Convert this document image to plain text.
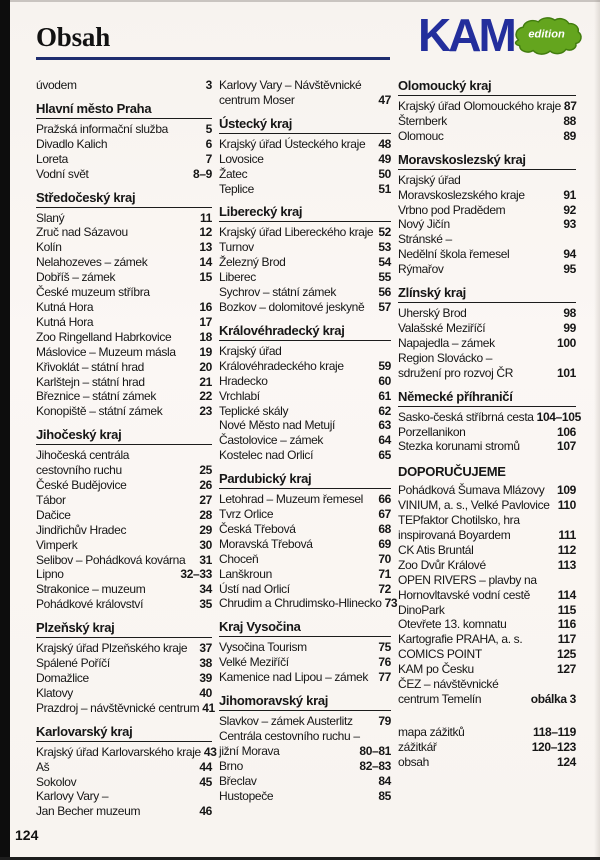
Obsah	KAM edition
úvodem	3
Hlavní město Praha
Pražská informační služba	5
Divadlo Kalich	6
Loreta	7
Vodní svět	8–9
Středočeský kraj
Slaný	11
Zruč nad Sázavou	12
Kolín	13
Nelahozeves – zámek	14
Dobříš – zámek	15
České muzeum stříbra
Kutná Hora	16
Kutná Hora	17
Zoo Ringelland Habrkovice 18
Máslovice – Muzeum másla 19
Křivoklát – státní hrad	20
Karlštejn – státní hrad	21
Březnice – státní zámek	22
Konopiště – státní zámek	23
Jihočeský kraj
Jihočeská centrála
cestovního ruchu	25
České Budějovice	26
Tábor	27
Dačice	28
Jindřichův Hradec	29
Vimperk	30
Selibov – Pohádková kovárna 31
Lipno	32–33
Strakonice – muzeum	34
Pohádkové království	35
Plzeňský kraj
Krajský úřad Plzeňského kraje 37
Spálené Poříčí	38
Domažlice	39
Klatovy	40
Prazdroj – návštěvnické centrum 41
Karlovarský kraj
Krajský úřad Karlovarského kraje 43
Aš	44
Sokolov	45
Karlovy Vary –
Jan Becher muzeum	46
Karlovy Vary – Návštěvnické
centrum Moser	47
Ústecký kraj
Krajský úřad Ústeckého kraje 48
Lovosice	49
Žatec	50
Teplice	51
Liberecký kraj
Krajský úřad Libereckého kraje 52
Turnov	53
Železný Brod	54
Liberec	55
Sychrov – státní zámek	56
Bozkov – dolomitové jeskyně 57
Královéhradecký kraj
Krajský úřad
Královéhradeckého kraje	59
Hradecko	60
Vrchlabí	61
Teplické skály	62
Nové Město nad Metují	63
Častolovice – zámek	64
Kostelec nad Orlicí	65
Pardubický kraj
Letohrad – Muzeum řemesel 66
Tvrz Orlice	67
Česká Třebová	68
Moravská Třebová	69
Choceň	70
Lanškroun	71
Ústí nad Orlicí	72
Chrudim a Chrudimsko-Hlinecko 73
Kraj Vysočina
Vysočina Tourism	75
Velké Meziříčí	76
Kamenice nad Lipou – zámek 77
Jihomoravský kraj
Slavkov – zámek Austerlitz 79
Centrála cestovního ruchu –
jižní Morava	80–81
Brno	82–83
Břeclav	84
Hustopeče	85
Olomoucký kraj
Krajský úřad Olomouckého kraje 87
Šternberk	88
Olomouc	89
Moravskoslezský kraj
Krajský úřad
Moravskoslezského kraje	91
Vrbno pod Pradědem	92
Nový Jičín	93
Stránské –
Nedělní škola řemesel	94
Rýmařov	95
Zlínský kraj
Uherský Brod	98
Valašské Meziříčí	99
Napajedla – zámek	100
Region Slovácko –
sdružení pro rozvoj ČR	101
Německé příhraničí
Sasko-česká stříbrná cesta 104–105
Porzellanikon	106
Stezka korunami stromů	107
DOPORUČUJEME
Pohádková Šumava Mlázovy 109
VINIUM, a. s., Velké Pavlovice 110
TEPfaktor Chotilsko, hra
inspirovaná Boyardem	111
CK Atis Bruntál	112
Zoo Dvůr Králové	113
OPEN RIVERS – plavby na
Hornovltavské vodní cestě 114
DinoPark	115
Otevřete 13. komnatu	116
Kartografie PRAHA, a. s.	117
COMICS POINT	125
KAM po Česku	127
ČEZ – návštěvnické
centrum Temelín	obálka 3
mapa zážitků	118–119
zážitkář	120–123
obsah	124
124
